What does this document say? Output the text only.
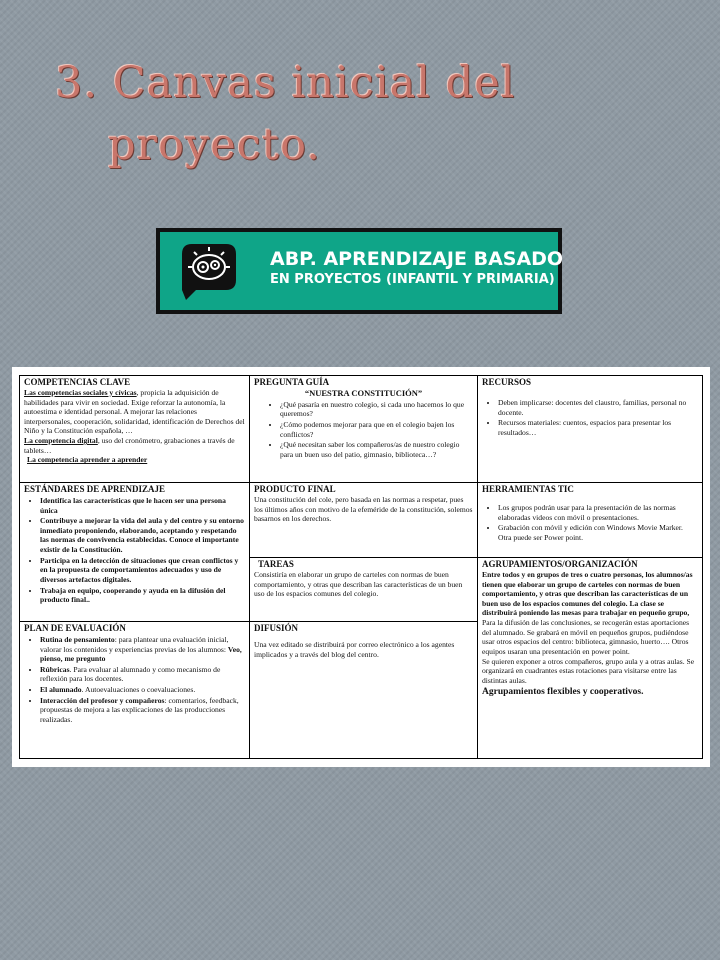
3. Canvas inicial del
proyecto.
ABP. APRENDIZAJE BASADO
EN PROYECTOS (INFANTIL Y PRIMARIA)
COMPETENCIAS CLAVE
Las competencias sociales y cívicas, propicia la adquisición de habilidades para vivir en sociedad. Exige reforzar la autonomía, la autoestima e identidad personal. A mejorar las relaciones interpersonales, cooperación, solidaridad, identificación de Derechos del Niño y la Constitución española, …
La competencia digital, uso del cronómetro, grabaciones a través de tablets…
La competencia aprender a aprender
PREGUNTA GUÍA
“NUESTRA CONSTITUCIÓN”
• ¿Qué pasaría en nuestro colegio, si cada uno hacemos lo que queremos?
• ¿Cómo podemos mejorar para que en el colegio bajen los conflictos?
• ¿Qué necesitan saber los compañeros/as de nuestro colegio para un buen uso del patio, gimnasio, biblioteca…?
RECURSOS
• Deben implicarse: docentes del claustro, familias, personal no docente.
• Recursos materiales: cuentos, espacios para presentar los resultados…
ESTÁNDARES DE APRENDIZAJE
• Identifica las características que le hacen ser una persona única
• Contribuye a mejorar la vida del aula y del centro y su entorno inmediato proponiendo, elaborando, aceptando y respetando las normas de convivencia establecidas. Conoce el importante existir de la Constitución.
• Participa en la detección de situaciones que crean conflictos y en la propuesta de comportamientos adecuados y uso de diversos artefactos digitales.
• Trabaja en equipo, cooperando y ayuda en la difusión del producto final..
PRODUCTO FINAL
Una constitución del cole, pero basada en las normas a respetar, pues los últimos años con motivo de la efeméride de la constitución, solemos basarnos en los derechos.
HERRAMIENTAS TIC
• Los grupos podrán usar para la presentación de las normas elaboradas videos con móvil o presentaciones.
• Grabación con móvil y edición con Windows Movie Marker. Otra puede ser Power point.
TAREAS
Consistiría en elaborar un grupo de carteles con normas de buen comportamiento, y otras que describan las características de un buen uso de los espacios comunes del colegio.
AGRUPAMIENTOS/ORGANIZACIÓN
Entre todos y en grupos de tres o cuatro personas, los alumnos/as tienen que elaborar un grupo de carteles con normas de buen comportamiento, y otras que describan las características de un buen uso de los espacios comunes del colegio. La clase se distribuirá poniendo las mesas para trabajar en pequeño grupo,
Para la difusión de las conclusiones, se recogerán estas aportaciones del alumnado. Se grabará en móvil en pequeños grupos, pudiéndose usar otros espacios del centro: biblioteca, gimnasio, huerto…. Otros equipos usaran una presentación en power point.
Se quieren exponer a otros compañeros, grupo aula y a otras aulas. Se organizará en cuadrantes estas rotaciones para visitarse entre las distintas aulas.
Agrupamientos flexibles y cooperativos.
PLAN DE EVALUACIÓN
• Rutina de pensamiento: para plantear una evaluación inicial, valorar los contenidos y experiencias previas de los alumnos: Veo, pienso, me pregunto
• Rúbricas. Para evaluar al alumnado y como mecanismo de reflexión para los docentes.
• El alumnado. Autoevaluaciones o coevaluaciones.
• Interacción del profesor y compañeros: comentarios, feedback, propuestas de mejora a las explicaciones de las producciones realizadas.
DIFUSIÓN
Una vez editado se distribuirá por correo electrónico a los agentes implicados y a través del blog del centro.
